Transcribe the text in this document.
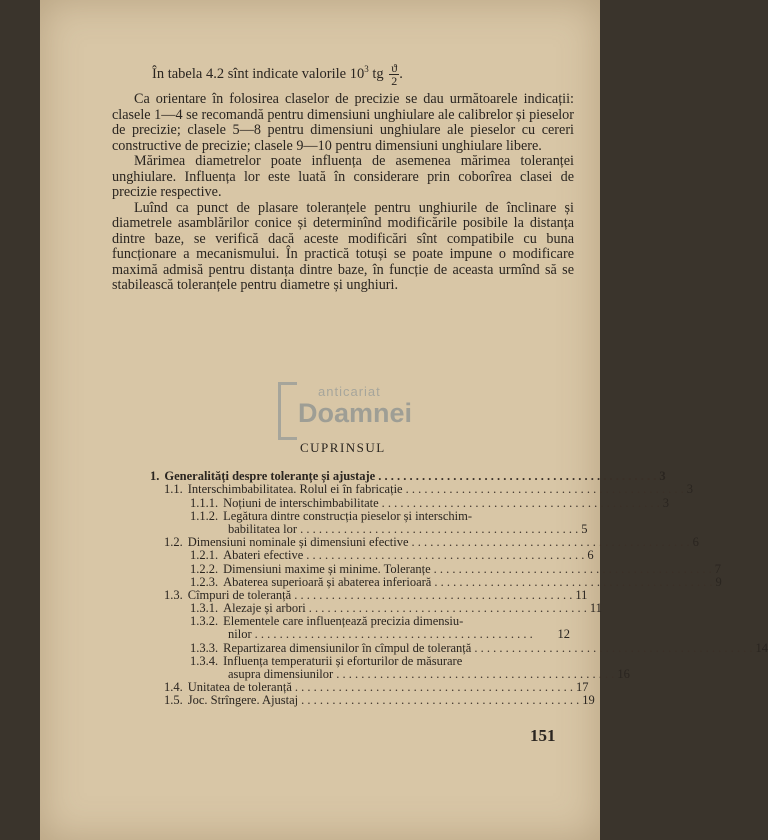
În tabela 4.2 sînt indicate valorile $10^3$ tg $\frac{ϑ}{2}$ .

Ca orientare în folosirea claselor de precizie se dau următoarele indicații: clasele 1—4 se recomandă pentru dimensiuni unghiulare ale calibrelor și pieselor de precizie; clasele 5—8 pentru dimensiuni unghiulare ale pieselor cu cereri constructive de precizie; clasele 9—10 pentru dimensiuni unghiulare libere.

Mărimea diametrelor poate influența de asemenea mărimea toleranței unghiulare. Influența lor este luată în considerare prin coborîrea clasei de precizie respective.

Luînd ca punct de plasare toleranțele pentru unghiurile de înclinare și diametrele asamblărilor conice și determinînd modificările posibile la distanța dintre baze, se verifică dacă aceste modificări sînt compatibile cu buna funcționare a mecanismului. În practică totuși se poate impune o modificare maximă admisă pentru distanța dintre baze, în funcție de aceasta urmînd să se stabilească toleranțele pentru diametre și unghiuri.

anticariat
Doamnei
CUPRINSUL
1. Generalități despre toleranțe și ajustaje . . . . . . . . . . . . . . . . . . . . . . . . . . . . . . . . . . . . . . . . . . . . . 3
1.1. Interschimbabilitatea. Rolul ei în fabricație . . . . . . . . . . . . . . . . . . . . . . . . . . . . . . . . . . . . . . . . . . . . . 3
1.1.1. Noțiuni de interschimbabilitate . . . . . . . . . . . . . . . . . . . . . . . . . . . . . . . . . . . . . . . . . . . . . 3
1.1.2. Legătura dintre construcția pieselor și interschim-
babilitatea lor . . . . . . . . . . . . . . . . . . . . . . . . . . . . . . . . . . . . . . . . . . . . . 5
1.2. Dimensiuni nominale și dimensiuni efective . . . . . . . . . . . . . . . . . . . . . . . . . . . . . . . . . . . . . . . . . . . . . 6
1.2.1. Abateri efective . . . . . . . . . . . . . . . . . . . . . . . . . . . . . . . . . . . . . . . . . . . . . 6
1.2.2. Dimensiuni maxime și minime. Toleranțe . . . . . . . . . . . . . . . . . . . . . . . . . . . . . . . . . . . . . . . . . . . . . 7
1.2.3. Abaterea superioară și abaterea inferioară . . . . . . . . . . . . . . . . . . . . . . . . . . . . . . . . . . . . . . . . . . . . . 9
1.3. Cîmpuri de toleranță . . . . . . . . . . . . . . . . . . . . . . . . . . . . . . . . . . . . . . . . . . . . . 11
1.3.1. Alezaje și arbori . . . . . . . . . . . . . . . . . . . . . . . . . . . . . . . . . . . . . . . . . . . . . 11
1.3.2. Elementele care influențează precizia dimensiu-
nilor . . . . . . . . . . . . . . . . . . . . . . . . . . . . . . . . . . . . . . . . . . . . .	12
1.3.3. Repartizarea dimensiunilor în cîmpul de toleranță . . . . . . . . . . . . . . . . . . . . . . . . . . . . . . . . . . . . . . . . . . . . . 14
1.3.4. Influența temperaturii și eforturilor de măsurare
asupra dimensiunilor . . . . . . . . . . . . . . . . . . . . . . . . . . . . . . . . . . . . . . . . . . . . . 16
1.4. Unitatea de toleranță . . . . . . . . . . . . . . . . . . . . . . . . . . . . . . . . . . . . . . . . . . . . . 17
1.5. Joc. Strîngere. Ajustaj . . . . . . . . . . . . . . . . . . . . . . . . . . . . . . . . . . . . . . . . . . . . . 19
151
